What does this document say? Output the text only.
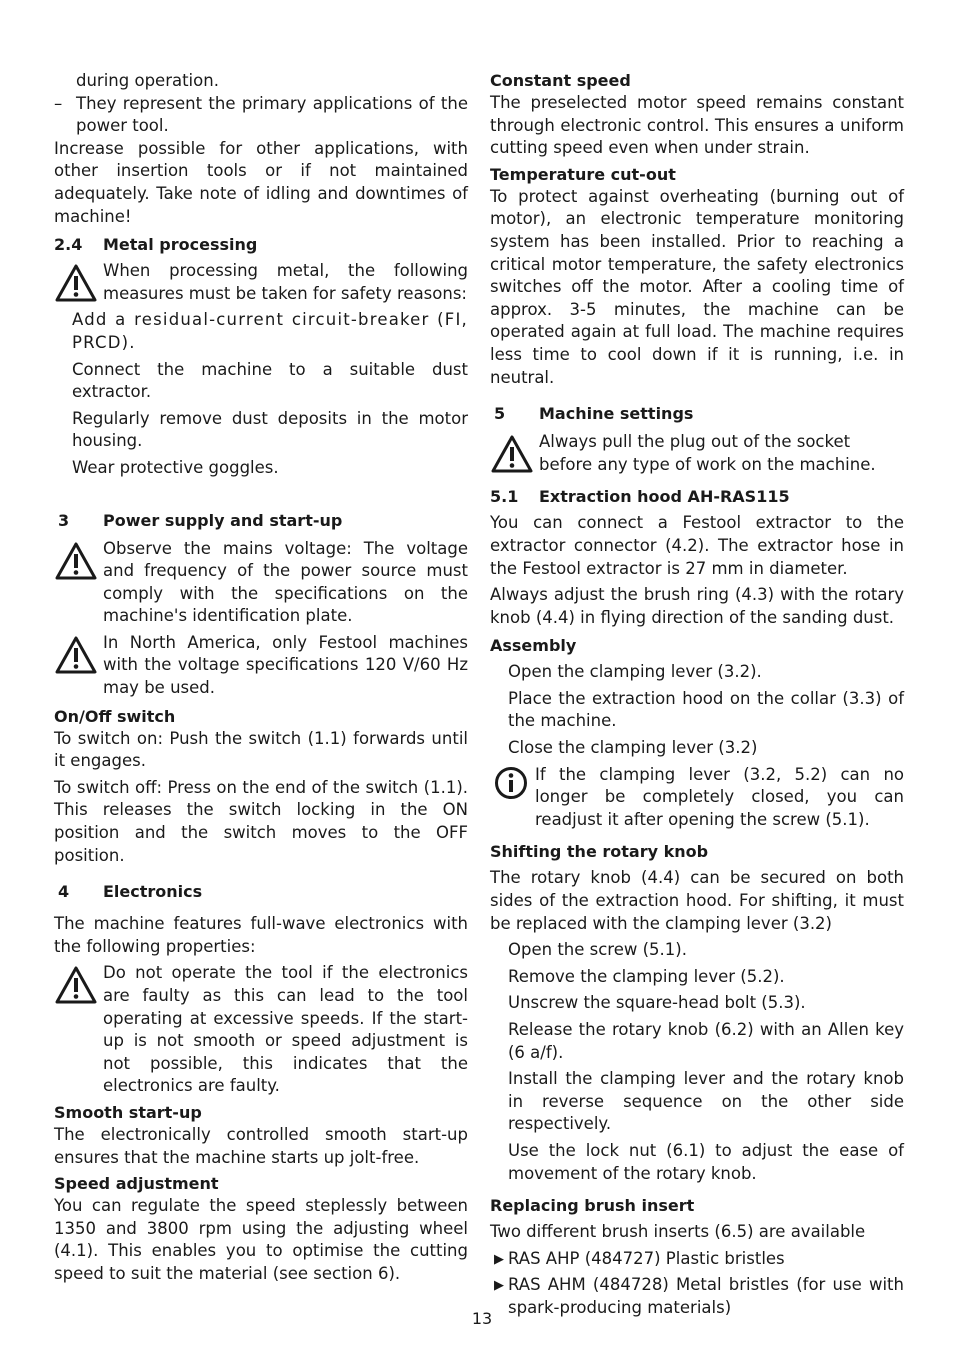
during operation.

– They represent the primary applications of the power tool.

Increase possible for other applications, with other insertion tools or if not maintained adequately. Take note of idling and downtimes of machine!

2.4 Metal processing
When processing metal, the following measures must be taken for safety reasons:

Add a residual-current circuit-breaker (FI, PRCD).

Connect the machine to a suitable dust extractor.

Regularly remove dust deposits in the motor housing.

Wear protective goggles.

3 Power supply and start-up
Observe the mains voltage: The voltage and frequency of the power source must comply with the specifications on the machine's identification plate.
In North America, only Festool machines with the voltage specifications 120 V/60 Hz may be used.
On/Off switch

To switch on: Push the switch (1.1) forwards until it engages.

To switch off: Press on the end of the switch (1.1). This releases the switch locking in the ON position and the switch moves to the OFF position.

4 Electronics

The machine features full-wave electronics with the following properties:

Do not operate the tool if the electronics are faulty as this can lead to the tool operating at excessive speeds. If the start-up is not smooth or speed adjustment is not possible, this indicates that the electronics are faulty.
Smooth start-up

The electronically controlled smooth start-up ensures that the machine starts up jolt-free.

Speed adjustment

You can regulate the speed steplessly between 1350 and 3800 rpm using the adjusting wheel (4.1). This enables you to optimise the cutting speed to suit the material (see section 6).

Constant speed

The preselected motor speed remains constant through electronic control. This ensures a uniform cutting speed even when under strain.

Temperature cut-out

To protect against overheating (burning out of motor), an electronic temperature monitoring system has been installed. Prior to reaching a critical motor temperature, the safety electronics switches off the motor. After a cooling time of approx. 3-5 minutes, the machine can be operated again at full load. The machine requires less time to cool down if it is running, i.e. in neutral.

5 Machine settings
Always pull the plug out of the socket before any type of work on the machine.
5.1 Extraction hood AH-RAS115

You can connect a Festool extractor to the extractor connector (4.2). The extractor hose in the Festool extractor is 27 mm in diameter.

Always adjust the brush ring (4.3) with the rotary knob (4.4) in flying direction of the sanding dust.

Assembly

Open the clamping lever (3.2).

Place the extraction hood on the collar (3.3) of the machine.

Close the clamping lever (3.2)

If the clamping lever (3.2, 5.2) can no longer be completely closed, you can readjust it after opening the screw (5.1).
Shifting the rotary knob

The rotary knob (4.4) can be secured on both sides of the extraction hood. For shifting, it must be replaced with the clamping lever (3.2)

Open the screw (5.1).

Remove the clamping lever (5.2).

Unscrew the square-head bolt (5.3).

Release the rotary knob (6.2) with an Allen key (6 a/f).

Install the clamping lever and the rotary knob in reverse sequence on the other side respectively.

Use the lock nut (6.1) to adjust the ease of movement of the rotary knob.

Replacing brush insert

Two different brush inserts (6.5) are available

▶ RAS AHP (484727) Plastic bristles
▶ RAS AHM (484728) Metal bristles (for use with spark-producing materials)
13
